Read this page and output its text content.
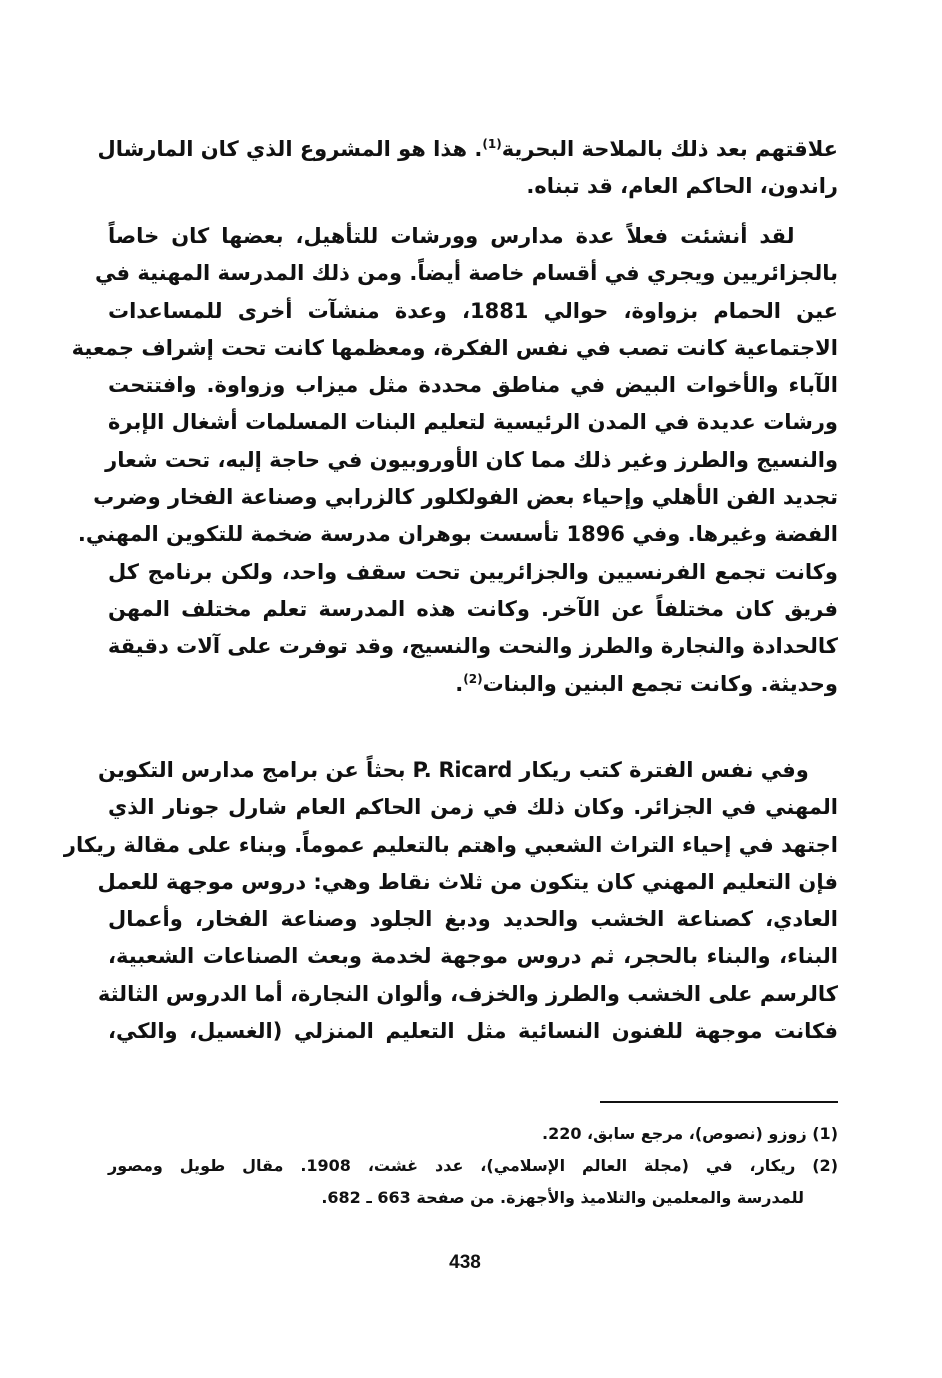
علاقتهم بعد ذلك بالملاحة البحرية$^{(1)}$. هذا هو المشروع الذي كان المارشال
راندون، الحاكم العام، قد تبناه.
لقد أنشئت فعلاً عدة مدارس وورشات للتأهيل، بعضها كان خاصاً
بالجزائريين ويجري في أقسام خاصة أيضاً. ومن ذلك المدرسة المهنية في
عين الحمام بزواوة، حوالي 1881، وعدة منشآت أخرى للمساعدات
الاجتماعية كانت تصب في نفس الفكرة، ومعظمها كانت تحت إشراف جمعية
الآباء والأخوات البيض في مناطق محددة مثل ميزاب وزواوة. وافتتحت
ورشات عديدة في المدن الرئيسية لتعليم البنات المسلمات أشغال الإبرة
والنسيج والطرز وغير ذلك مما كان الأوروبيون في حاجة إليه، تحت شعار
تجديد الفن الأهلي وإحياء بعض الفولكلور كالزرابي وصناعة الفخار وضرب
الفضة وغيرها. وفي 1896 تأسست بوهران مدرسة ضخمة للتكوين المهني.
وكانت تجمع الفرنسيين والجزائريين تحت سقف واحد، ولكن برنامج كل
فريق كان مختلفاً عن الآخر. وكانت هذه المدرسة تعلم مختلف المهن
كالحدادة والنجارة والطرز والنحت والنسيج، وقد توفرت على آلات دقيقة
وحديثة. وكانت تجمع البنين والبنات$^{(2)}$.
وفي نفس الفترة كتب ريكار P. Ricard بحثاً عن برامج مدارس التكوين
المهني في الجزائر. وكان ذلك في زمن الحاكم العام شارل جونار الذي
اجتهد في إحياء التراث الشعبي واهتم بالتعليم عموماً. وبناء على مقالة ريكار
فإن التعليم المهني كان يتكون من ثلاث نقاط وهي: دروس موجهة للعمل
العادي، كصناعة الخشب والحديد ودبغ الجلود وصناعة الفخار، وأعمال
البناء، والبناء بالحجر، ثم دروس موجهة لخدمة وبعث الصناعات الشعبية،
كالرسم على الخشب والطرز والخزف، وألوان النجارة، أما الدروس الثالثة
فكانت موجهة للفنون النسائية مثل التعليم المنزلي (الغسيل، والكي،
(1) زوزو (نصوص)، مرجع سابق، 220.
(2) ريكار، في (مجلة العالم الإسلامي)، عدد غشت، 1908. مقال طويل ومصور
للمدرسة والمعلمين والتلاميذ والأجهزة. من صفحة 663 ـ 682.
438
